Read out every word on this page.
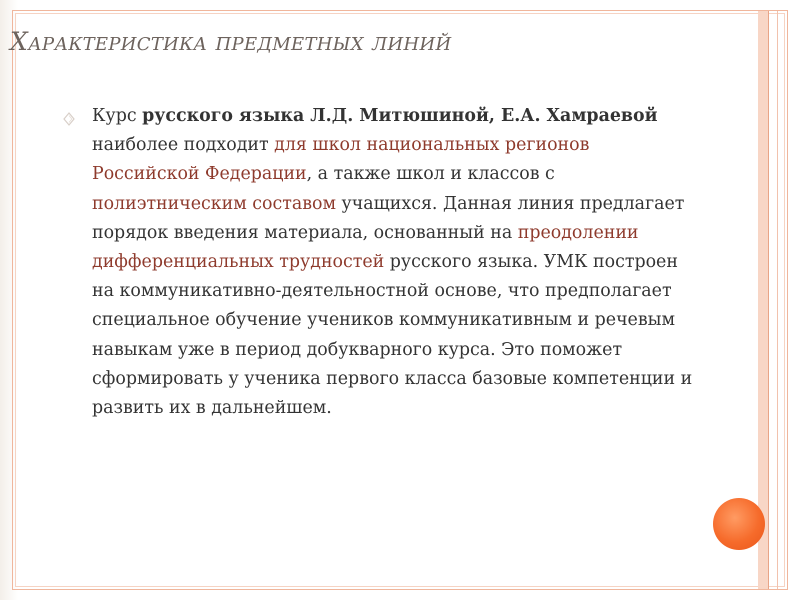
Характеристика предметных линий

Курс русского языка Л.Д. Митюшиной, Е.А. Хамраевой наиболее подходит для школ национальных регионов Российской Федерации, а также школ и классов с полиэтническим составом учащихся. Данная линия предлагает порядок введения материала, основанный на преодолении дифференциальных трудностей русского языка. УМК построен на коммуникативно-деятельностной основе, что предполагает специальное обучение учеников коммуникативным и речевым навыкам уже в период добукварного курса. Это поможет сформировать у ученика первого класса базовые компетенции и развить их в дальнейшем.
